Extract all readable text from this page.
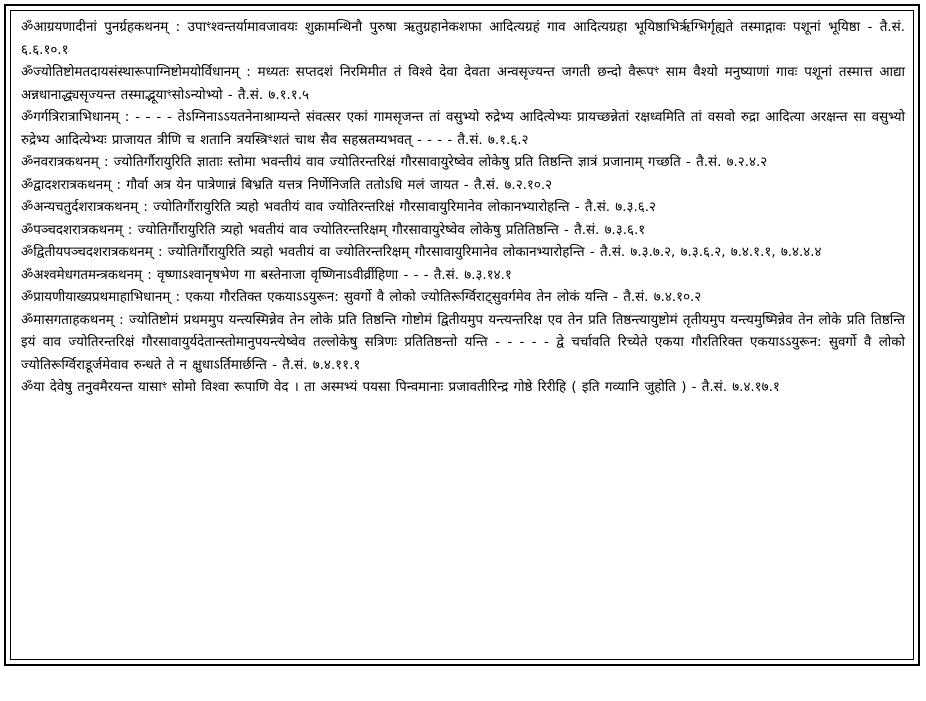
ॐआग्रयणादीनां पुनर्ग्रहकथनम् : उपाꣳश्वन्तर्यामावजावयः शुक्रामन्थिनौ पुरुषा ऋतुग्रहानेकशफा आदित्यग्रहं गाव आदित्यग्रहा भूयिष्ठाभिरृग्भिर्गृह्यते तस्माद्गावः पशूनां भूयिष्ठा - तै.सं. ६.६.१०.१

ॐज्योतिष्टोमतदायसंस्थारूपाग्निष्टोमयोर्विधानम् : मध्यतः सप्तदशं निरमिमीत तं विश्वे देवा देवता अन्वसृज्यन्त जगती छन्दो वैरूपꣳ साम वैश्यो मनुष्याणां गावः पशूनां तस्मात्त आद्या अन्नधानाद्ध्यसृज्यन्त तस्माद्भूयाꣳसोऽन्योभ्यो - तै.सं. ७.१.१.५

ॐगर्गत्रिरात्राभिधानम् : - - - - तेऽग्निनाऽऽयतनेनाश्राम्यन्ते संवत्सर एकां गामसृजन्त तां वसुभ्यो रुद्रेभ्य आदित्येभ्यः प्रायच्छन्नेतां रक्षध्वमिति तां वसवो रुद्रा आदित्या अरक्षन्त सा वसुभ्यो रुद्रेभ्य आदित्येभ्यः प्राजायत त्रीणि च शतानि त्रयस्त्रिꣳशतं चाथ सैव सहस्रतम्यभवत् - - - - तै.सं. ७.१.६.२

ॐनवरात्रकथनम् : ज्योतिर्गौरायुरिति ज्ञाताः स्तोमा भवन्तीयं वाव ज्योतिरन्तरिक्षं गौरसावायुरेष्वेव लोकेषु प्रति तिष्ठन्ति ज्ञात्रं प्रजानाम् गच्छति - तै.सं. ७.२.४.२

ॐद्वादशरात्रकथनम् : गौर्वा अत्र येन पात्रेणान्नं बिभ्रति यत्तत्र निर्णेनिजति ततोऽधि मलं जायत - तै.सं. ७.२.१०.२

ॐअन्यचतुर्दशरात्रकथनम् : ज्योतिर्गौरायुरिति त्र्यहो भवतीयं वाव ज्योतिरन्तरिक्षं गौरसावायुरिमानेव लोकानभ्यारोहन्ति - तै.सं. ७.३.६.२

ॐपञ्चदशरात्रकथनम् : ज्योतिर्गौरायुरिति त्र्यहो भवतीयं वाव ज्योतिरन्तरिक्षम् गौरसावायुरेष्वेव लोकेषु प्रतितिष्ठन्ति - तै.सं. ७.३.६.१

ॐद्वितीयपञ्चदशरात्रकथनम् : ज्योतिर्गौरायुरिति त्र्यहो भवतीयं वा ज्योतिरन्तरिक्षम् गौरसावायुरिमानेव लोकानभ्यारोहन्ति - तै.सं. ७.३.७.२, ७.३.६.२, ७.४.१.१, ७.४.४.४

ॐअश्वमेधगतमन्त्रकथनम् : वृष्णाऽश्वानृषभेण गा बस्तेनाजा वृष्णिनाऽवीर्व्रीहिणा - - - तै.सं. ७.३.१४.१

ॐप्रायणीयाख्यप्रथमाहाभिधानम् : एकया गौरतिक्त एकयाऽऽयुरून: सुवर्गो वै लोको ज्योतिरूर्ग्विराट्सुवर्गमेव तेन लोकं यन्ति - तै.सं. ७.४.१०.२

ॐमासगताहकथनम् : ज्योतिष्टोमं प्रथममुप यन्त्यस्मिन्नेव तेन लोके प्रति तिष्ठन्ति गोष्टोमं द्वितीयमुप यन्त्यन्तरिक्ष एव तेन प्रति तिष्ठन्त्यायुष्टोमं तृतीयमुप यन्त्यमुष्मिन्नेव तेन लोके प्रति तिष्ठन्ति इयं वाव ज्योतिरन्तरिक्षं गौरसावायुर्यदेतान्स्तोमानुपयन्त्येष्वेव तल्लोकेषु सत्रिणः प्रतितिष्ठन्तो यन्ति - - - - - द्वे चर्चावति रिच्येते एकया गौरतिरिक्त एकयाऽऽयुरून: सुवर्गो वै लोको ज्योतिरूर्ग्विराडूर्जमेवाव रुन्धते ते न क्षुधाऽर्तिमार्छन्ति - तै.सं. ७.४.११.१

ॐया देवेषु तनुवमैरयन्त यासाꣳ सोमो विश्वा रूपाणि वेद । ता अस्मभ्यं पयसा पिन्वमानाः प्रजावतीरिन्द्र गोष्ठे रिरीहि ( इति गव्यानि जुहोति ) - तै.सं. ७.४.१७.१
